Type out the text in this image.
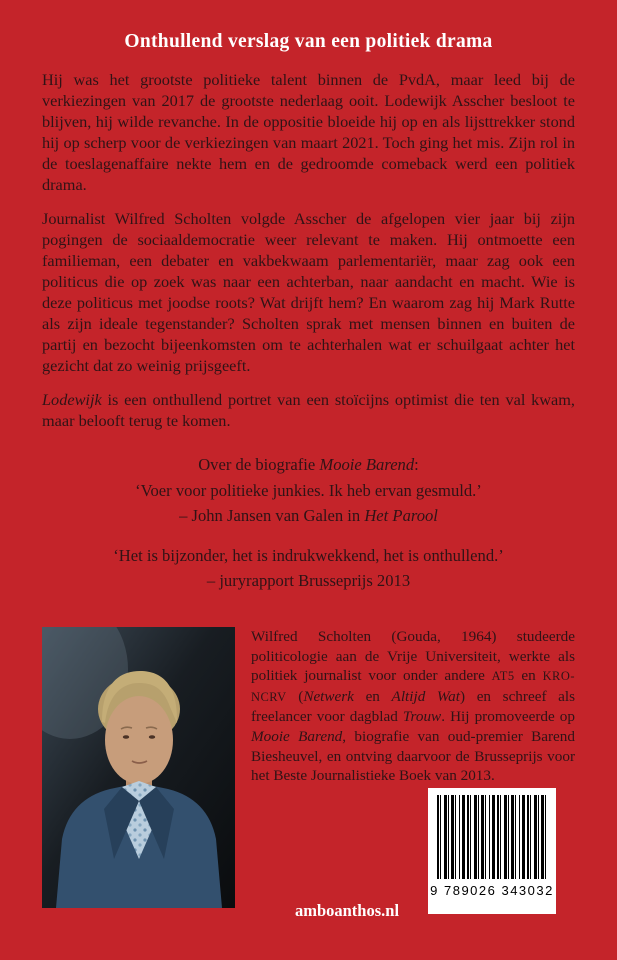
Onthullend verslag van een politiek drama

Hij was het grootste politieke talent binnen de PvdA, maar leed bij de verkiezingen van 2017 de grootste nederlaag ooit. Lodewijk Asscher besloot te blijven, hij wilde revanche. In de oppositie bloeide hij op en als lijsttrekker stond hij op scherp voor de verkiezingen van maart 2021. Toch ging het mis. Zijn rol in de toeslagenaffaire nekte hem en de gedroomde comeback werd een politiek drama.

Journalist Wilfred Scholten volgde Asscher de afgelopen vier jaar bij zijn pogingen de sociaaldemocratie weer relevant te maken. Hij ontmoette een familieman, een debater en vakbekwaam parlementariër, maar zag ook een politicus die op zoek was naar een achterban, naar aandacht en macht. Wie is deze politicus met joodse roots? Wat drijft hem? En waarom zag hij Mark Rutte als zijn ideale tegenstander? Scholten sprak met mensen binnen en buiten de partij en bezocht bijeenkomsten om te achterhalen wat er schuilgaat achter het gezicht dat zo weinig prijsgeeft.

Lodewijk is een onthullend portret van een stoïcijns optimist die ten val kwam, maar belooft terug te komen.

Over de biografie Mooie Barend:
‘Voer voor politieke junkies. Ik heb ervan gesmuld.’
– John Jansen van Galen in Het Parool
‘Het is bijzonder, het is indrukwekkend, het is onthullend.’
– juryrapport Brusseprijs 2013
Wilfred Scholten (Gouda, 1964) studeerde politicologie aan de Vrije Universiteit, werkte als politiek journalist voor onder andere AT5 en KRO-NCRV (Netwerk en Altijd Wat) en schreef als freelancer voor dagblad Trouw. Hij promoveerde op Mooie Barend, biografie van oud-premier Barend Biesheuvel, en ontving daarvoor de Brusseprijs voor het Beste Journalistieke Boek van 2013.
amboanthos.nl
9 789026 343032
